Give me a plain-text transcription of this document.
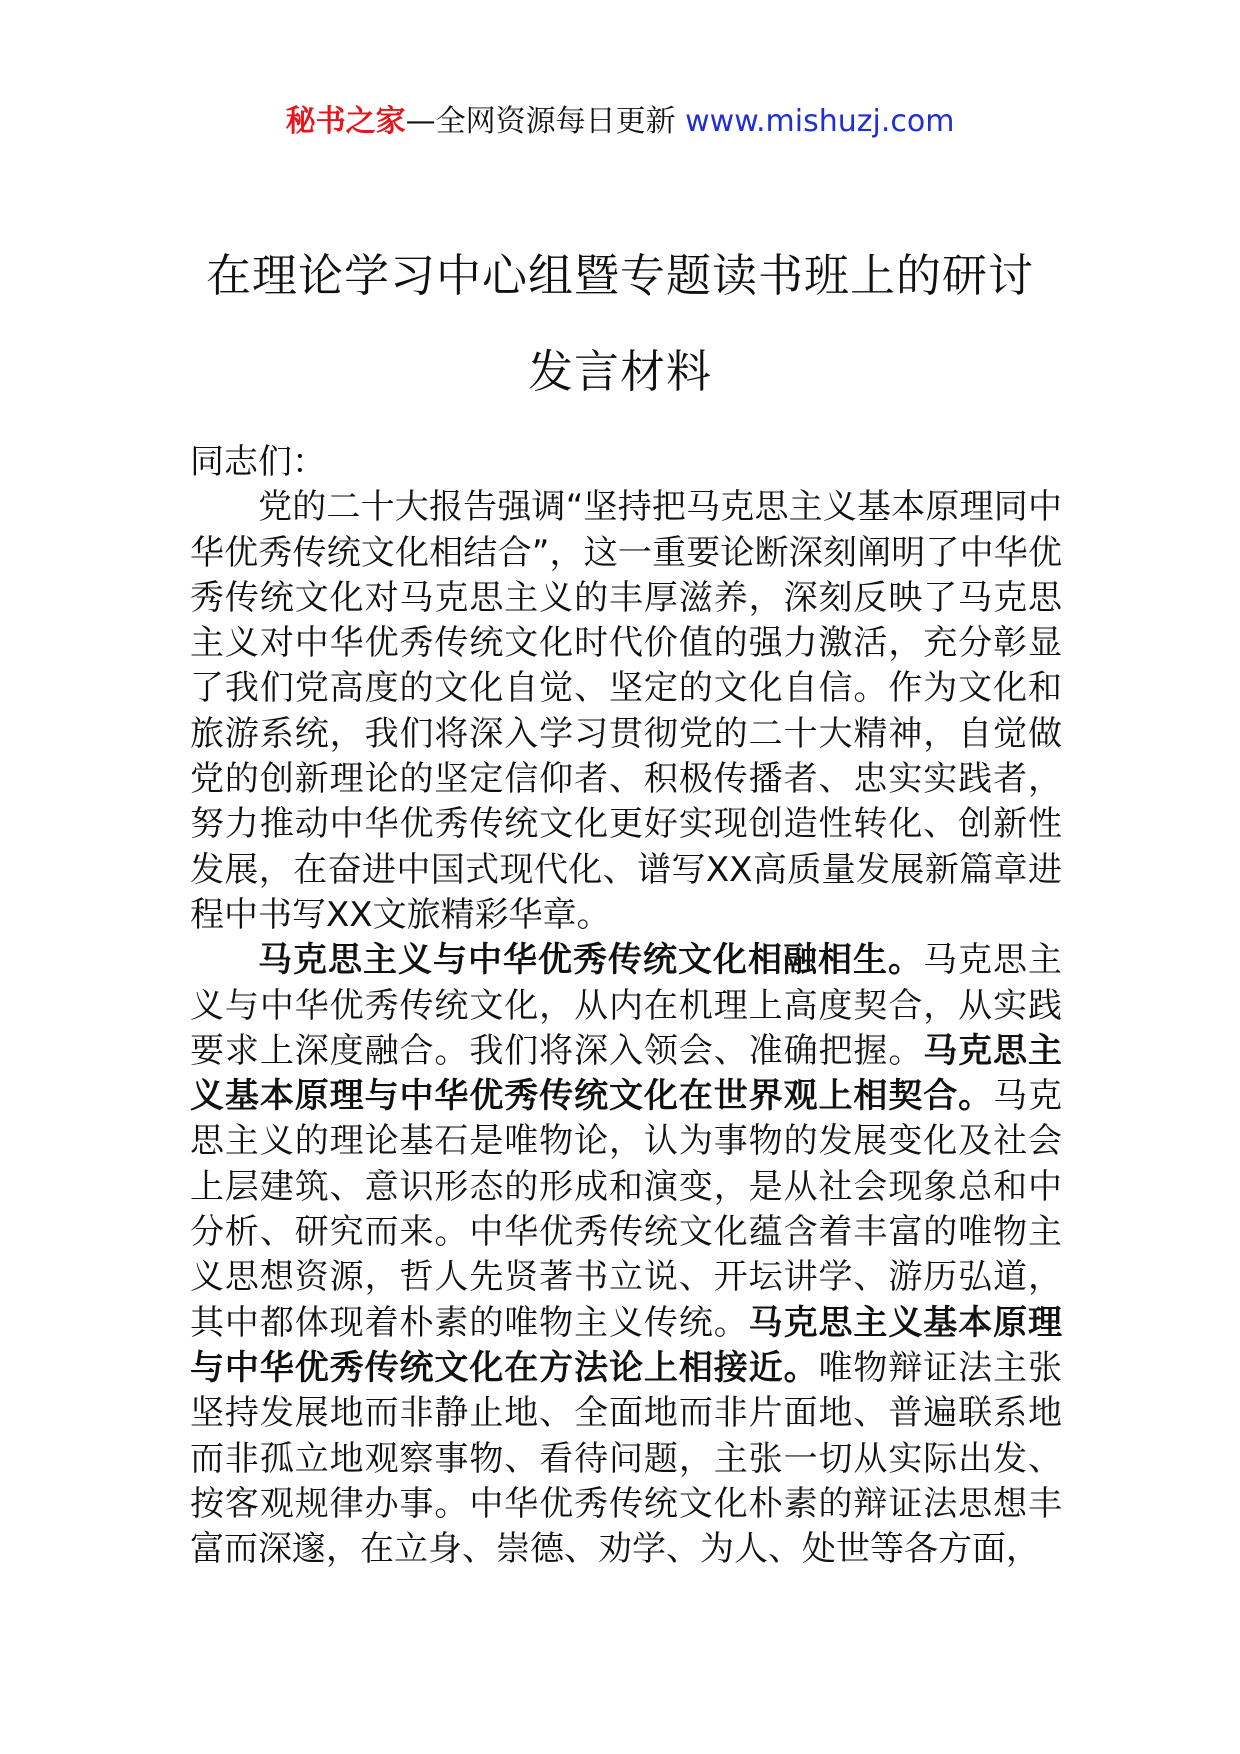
秘书之家—全网资源每日更新 www.mishuzj.com
在理论学习中心组暨专题读书班上的研讨
发言材料

同志们：

党的二十大报告强调“坚持把马克思主义基本原理同中华优秀传统文化相结合”，这一重要论断深刻阐明了中华优秀传统文化对马克思主义的丰厚滋养，深刻反映了马克思主义对中华优秀传统文化时代价值的强力激活，充分彰显了我们党高度的文化自觉、坚定的文化自信。作为文化和旅游系统，我们将深入学习贯彻党的二十大精神，自觉做党的创新理论的坚定信仰者、积极传播者、忠实实践者，努力推动中华优秀传统文化更好实现创造性转化、创新性发展，在奋进中国式现代化、谱写XX高质量发展新篇章进程中书写XX文旅精彩华章。

马克思主义与中华优秀传统文化相融相生。马克思主义与中华优秀传统文化，从内在机理上高度契合，从实践要求上深度融合。我们将深入领会、准确把握。马克思主义基本原理与中华优秀传统文化在世界观上相契合。马克思主义的理论基石是唯物论，认为事物的发展变化及社会上层建筑、意识形态的形成和演变，是从社会现象总和中分析、研究而来。中华优秀传统文化蕴含着丰富的唯物主义思想资源，哲人先贤著书立说、开坛讲学、游历弘道，其中都体现着朴素的唯物主义传统。马克思主义基本原理与中华优秀传统文化在方法论上相接近。唯物辩证法主张坚持发展地而非静止地、全面地而非片面地、普遍联系地而非孤立地观察事物、看待问题，主张一切从实际出发、按客观规律办事。中华优秀传统文化朴素的辩证法思想丰富而深邃，在立身、崇德、劝学、为人、处世等各方面，
